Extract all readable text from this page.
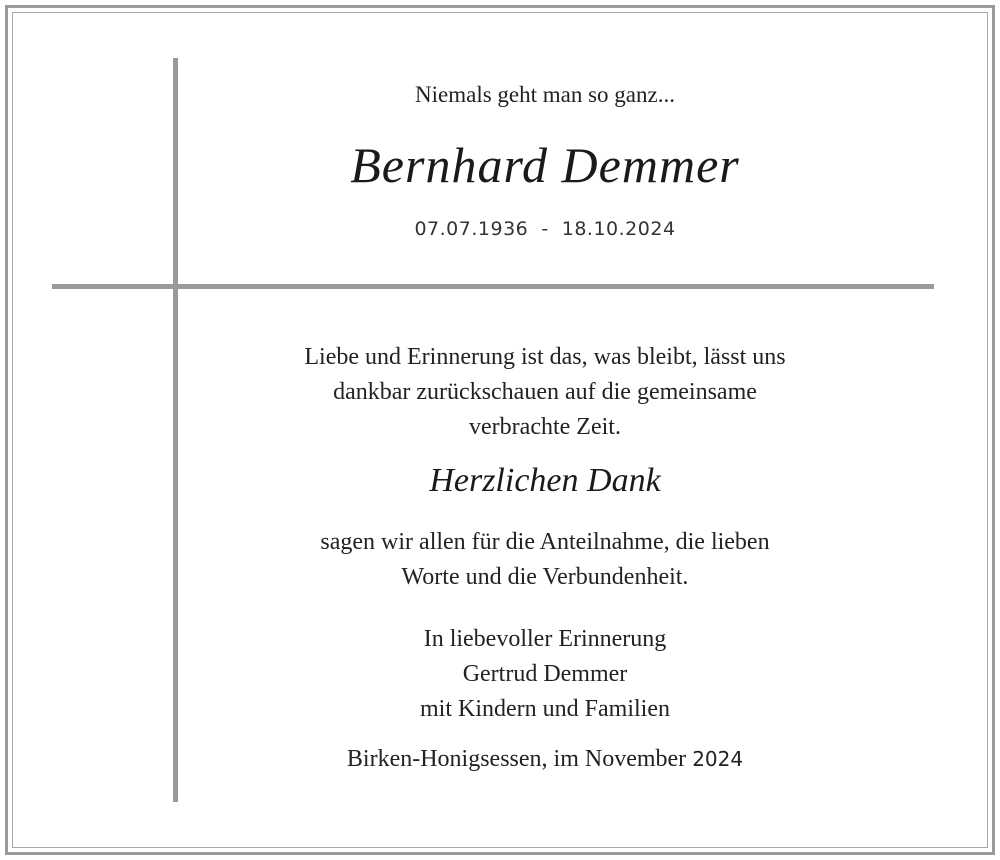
Niemals geht man so ganz...
Bernhard Demmer
07.07.1936  -  18.10.2024
Liebe und Erinnerung ist das, was bleibt, lässt uns
dankbar zurückschauen auf die gemeinsame
verbrachte Zeit.
Herzlichen Dank
sagen wir allen für die Anteilnahme, die lieben
Worte und die Verbundenheit.
In liebevoller Erinnerung
Gertrud Demmer
mit Kindern und Familien
Birken-Honigsessen, im November 2024
